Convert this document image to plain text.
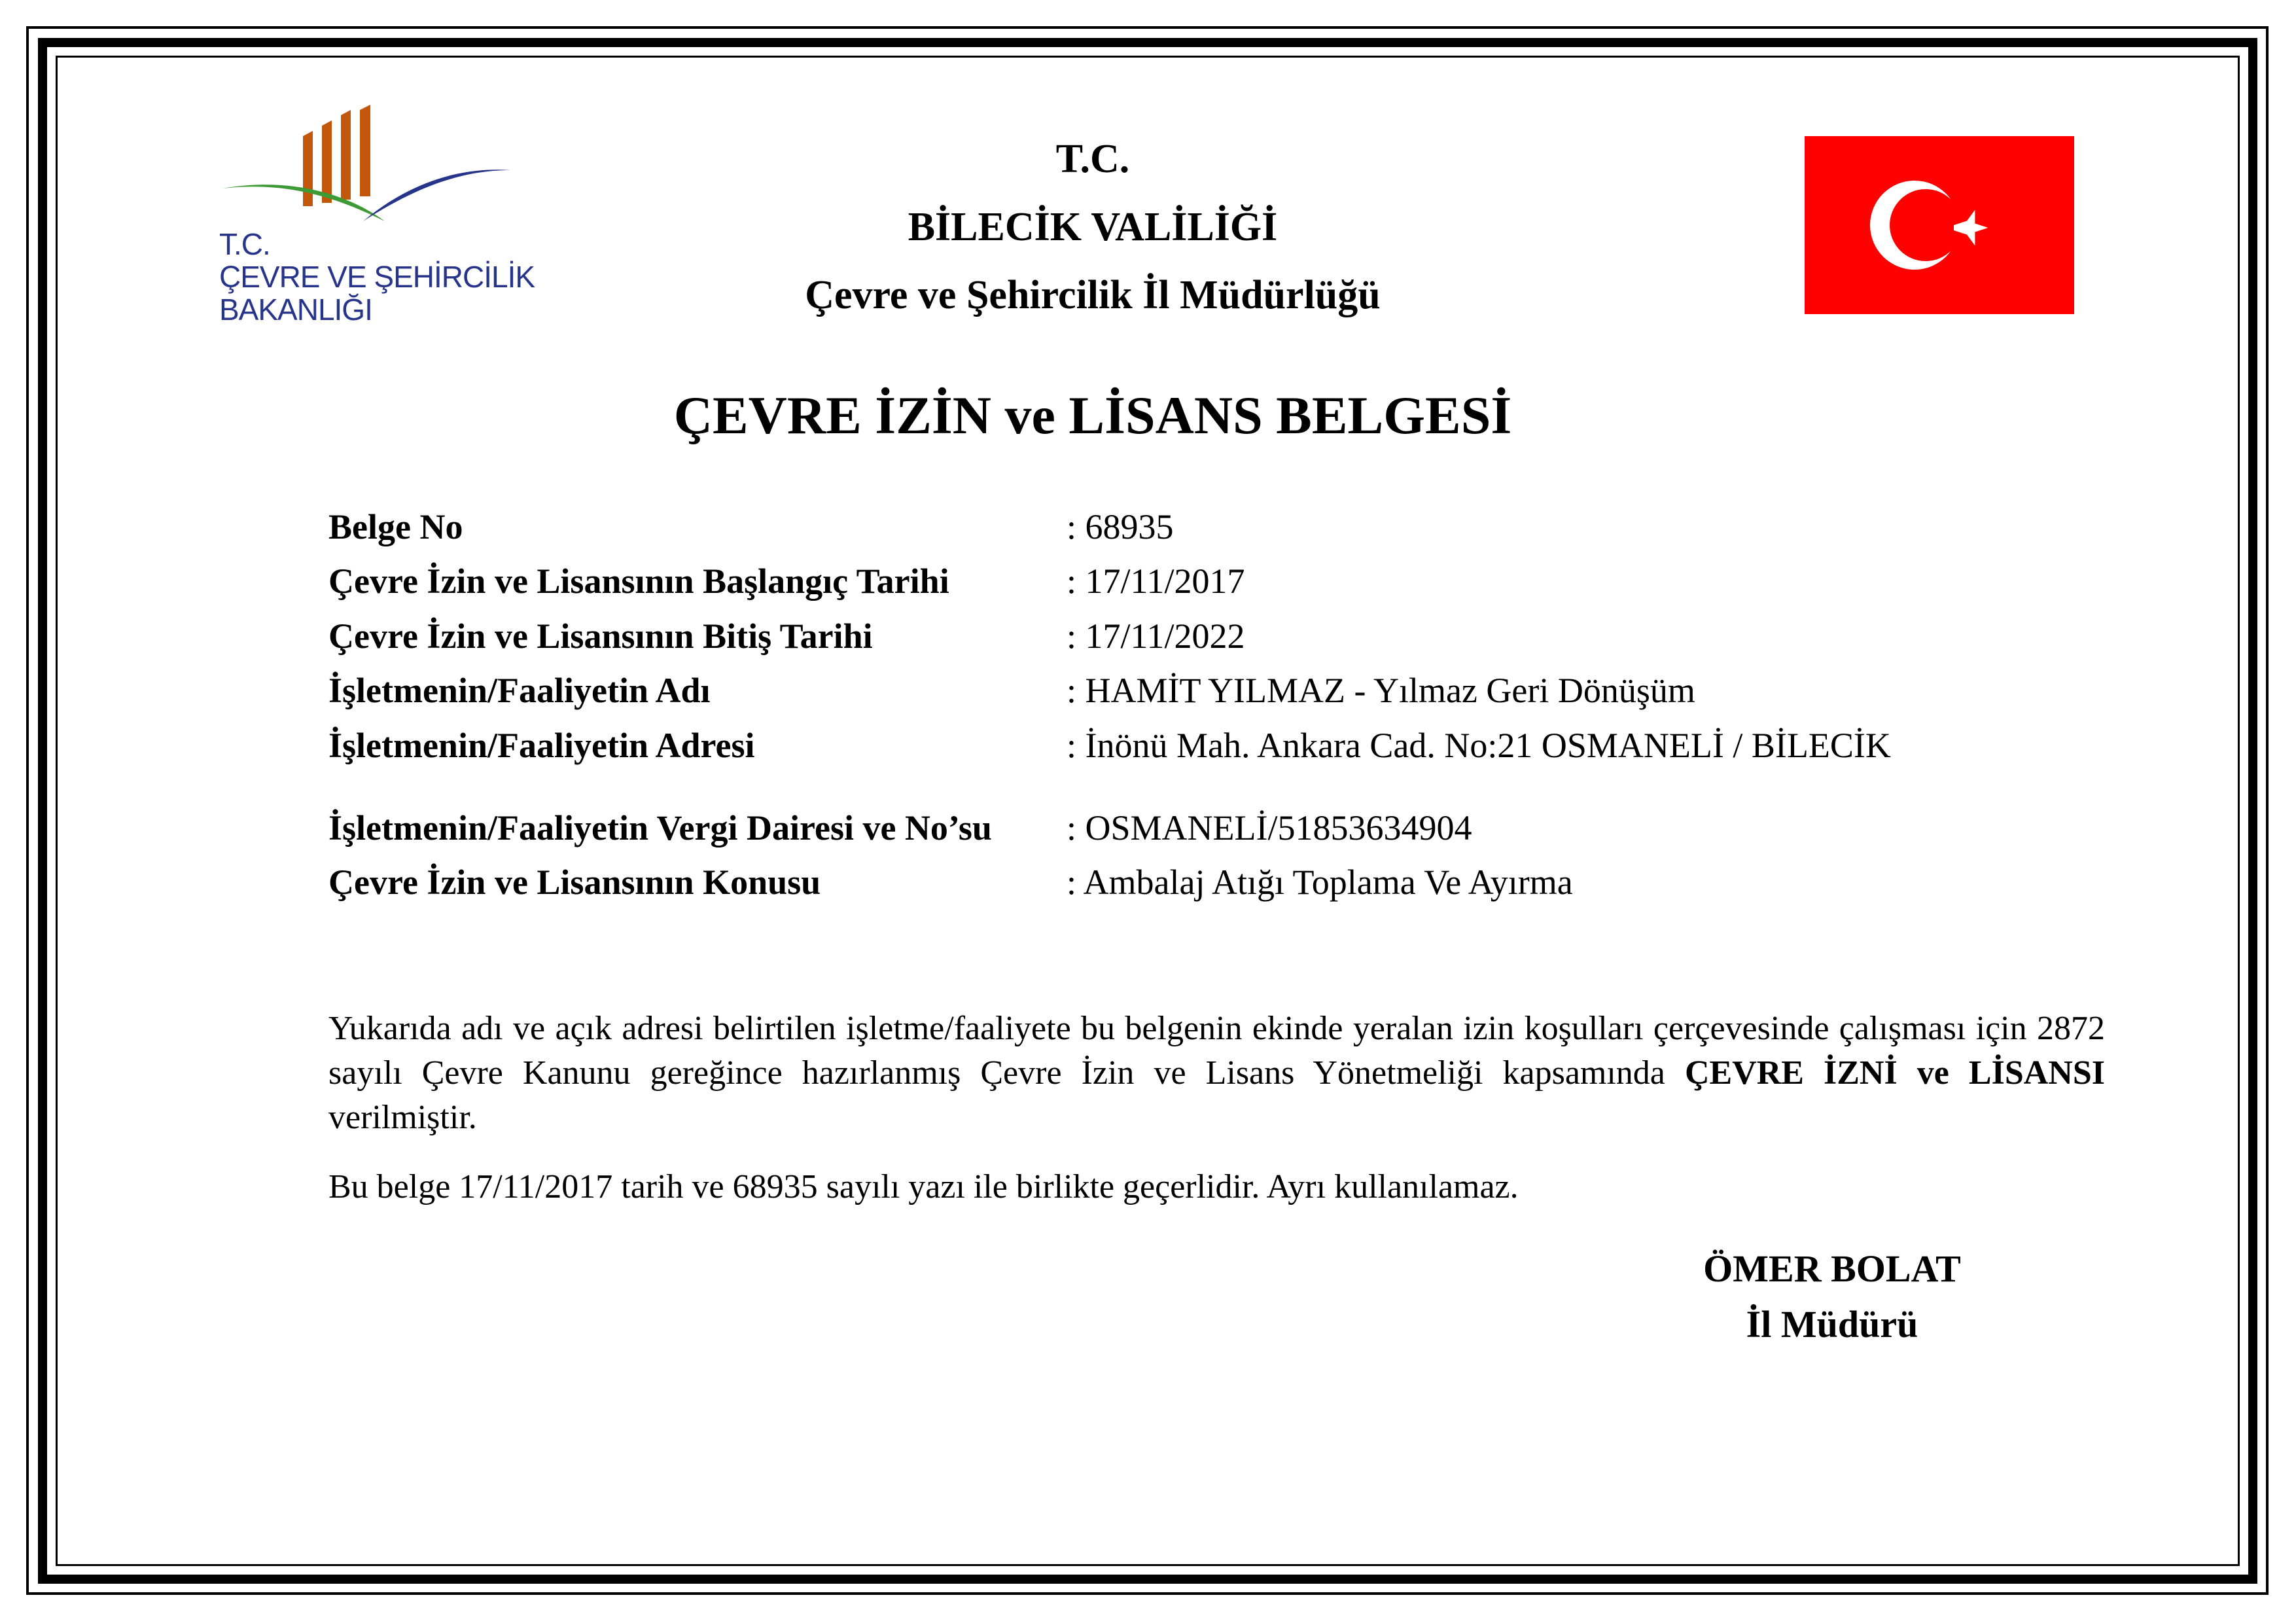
T.C.
ÇEVRE VE ŞEHİRCİLİK
BAKANLIĞI
T.C.
BİLECİK VALİLİĞİ
Çevre ve Şehircilik İl Müdürlüğü
ÇEVRE İZİN ve LİSANS BELGESİ
Belge No	: 68935
Çevre İzin ve Lisansının Başlangıç Tarihi	: 17/11/2017
Çevre İzin ve Lisansının Bitiş Tarihi	: 17/11/2022
İşletmenin/Faaliyetin Adı	: HAMİT YILMAZ - Yılmaz Geri Dönüşüm
İşletmenin/Faaliyetin Adresi	: İnönü Mah. Ankara Cad. No:21 OSMANELİ / BİLECİK
İşletmenin/Faaliyetin Vergi Dairesi ve No’su : OSMANELİ/51853634904
Çevre İzin ve Lisansının Konusu	: Ambalaj Atığı Toplama Ve Ayırma
Yukarıda adı ve açık adresi belirtilen işletme/faaliyete bu belgenin ekinde yeralan izin koşulları çerçevesinde çalışması için 2872 sayılı Çevre Kanunu gereğince hazırlanmış Çevre İzin ve Lisans Yönetmeliği kapsamında ÇEVRE İZNİ ve LİSANSI verilmiştir.
Bu belge 17/11/2017 tarih ve 68935 sayılı yazı ile birlikte geçerlidir. Ayrı kullanılamaz.
ÖMER BOLAT
İl Müdürü
